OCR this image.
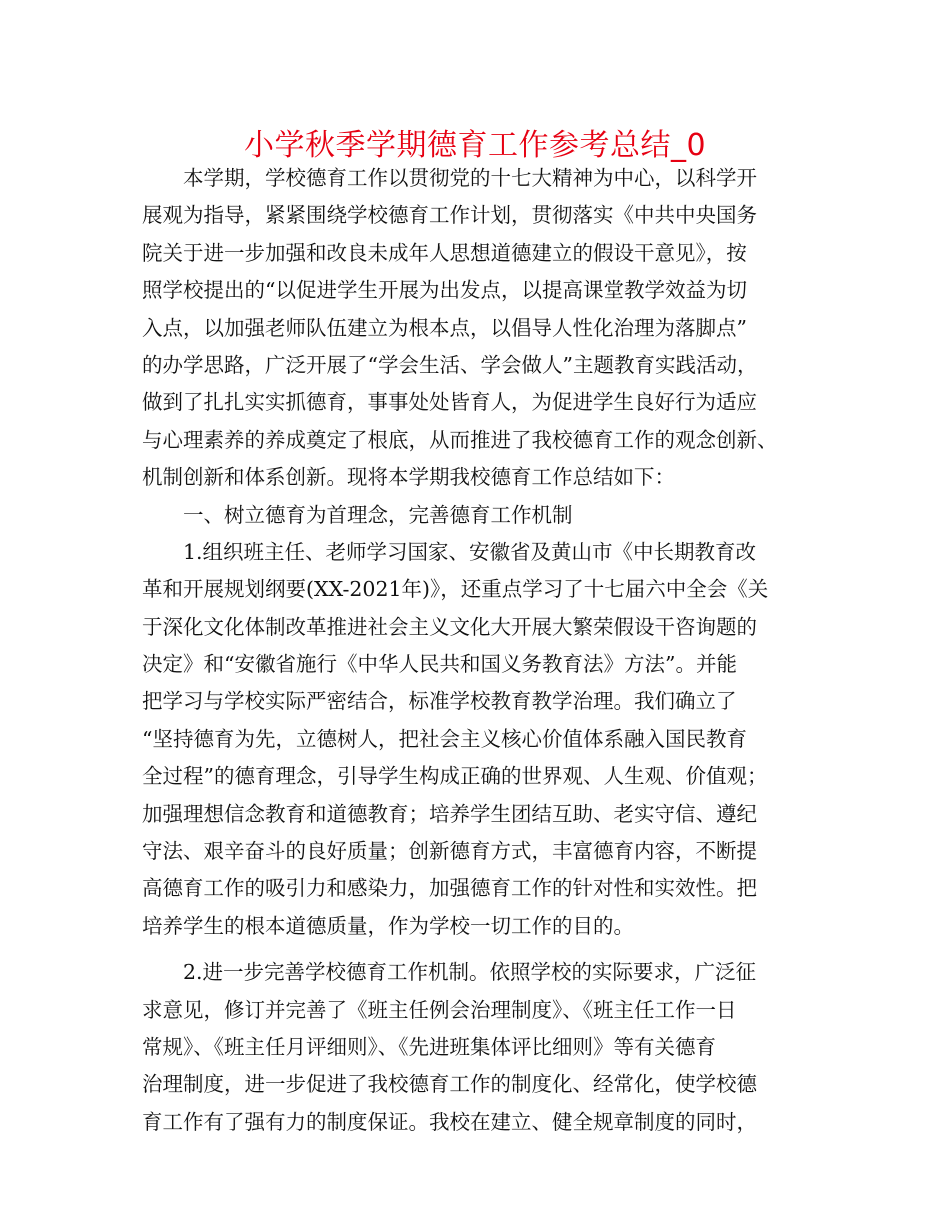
小学秋季学期德育工作参考总结_0
本学期，学校德育工作以贯彻党的十七大精神为中心，以科学开
展观为指导，紧紧围绕学校德育工作计划，贯彻落实《中共中央国务
院关于进一步加强和改良未成年人思想道德建立的假设干意见》，按
照学校提出的“以促进学生开展为出发点，以提高课堂教学效益为切
入点，以加强老师队伍建立为根本点，以倡导人性化治理为落脚点”
的办学思路，广泛开展了“学会生活、学会做人”主题教育实践活动，
做到了扎扎实实抓德育，事事处处皆育人，为促进学生良好行为适应
与心理素养的养成奠定了根底，从而推进了我校德育工作的观念创新、
机制创新和体系创新。现将本学期我校德育工作总结如下：
一、树立德育为首理念，完善德育工作机制
1.组织班主任、老师学习国家、安徽省及黄山市《中长期教育改
革和开展规划纲要(XX-2021年)》，还重点学习了十七届六中全会《关
于深化文化体制改革推进社会主义文化大开展大繁荣假设干咨询题的
决定》和“安徽省施行《中华人民共和国义务教育法》方法”。并能
把学习与学校实际严密结合，标准学校教育教学治理。我们确立了
“坚持德育为先，立德树人，把社会主义核心价值体系融入国民教育
全过程”的德育理念，引导学生构成正确的世界观、人生观、价值观；
加强理想信念教育和道德教育；培养学生团结互助、老实守信、遵纪
守法、艰辛奋斗的良好质量；创新德育方式，丰富德育内容，不断提
高德育工作的吸引力和感染力，加强德育工作的针对性和实效性。把
培养学生的根本道德质量，作为学校一切工作的目的。
2.进一步完善学校德育工作机制。依照学校的实际要求，广泛征
求意见，修订并完善了《班主任例会治理制度》、《班主任工作一日
常规》、《班主任月评细则》、《先进班集体评比细则》等有关德育
治理制度，进一步促进了我校德育工作的制度化、经常化，使学校德
育工作有了强有力的制度保证。我校在建立、健全规章制度的同时，
